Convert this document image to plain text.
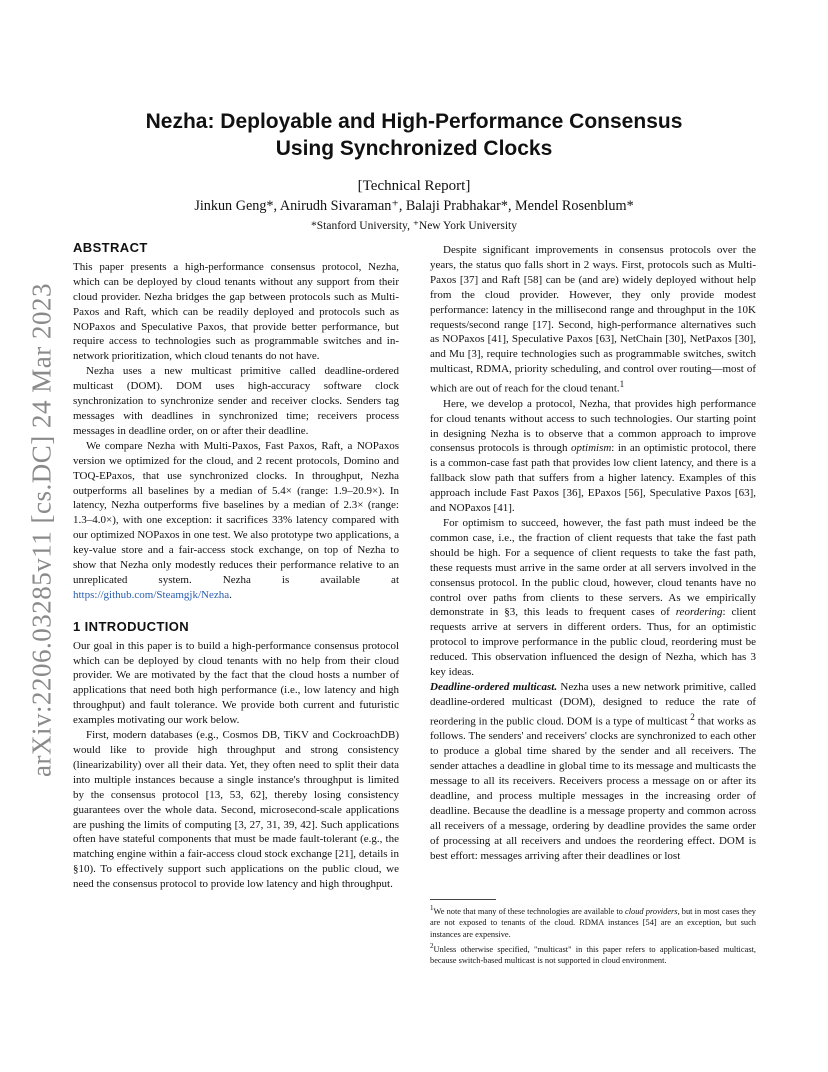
arXiv:2206.03285v11 [cs.DC] 24 Mar 2023
Nezha: Deployable and High-Performance Consensus
Using Synchronized Clocks
[Technical Report]
Jinkun Geng*, Anirudh Sivaraman⁺, Balaji Prabhakar*, Mendel Rosenblum*
*Stanford University, ⁺New York University
ABSTRACT

This paper presents a high-performance consensus protocol, Nezha, which can be deployed by cloud tenants without any support from their cloud provider. Nezha bridges the gap between protocols such as Multi-Paxos and Raft, which can be readily deployed and protocols such as NOPaxos and Speculative Paxos, that provide better performance, but require access to technologies such as programmable switches and in-network prioritization, which cloud tenants do not have.

Nezha uses a new multicast primitive called deadline-ordered multicast (DOM). DOM uses high-accuracy software clock synchronization to synchronize sender and receiver clocks. Senders tag messages with deadlines in synchronized time; receivers process messages in deadline order, on or after their deadline.

We compare Nezha with Multi-Paxos, Fast Paxos, Raft, a NOPaxos version we optimized for the cloud, and 2 recent protocols, Domino and TOQ-EPaxos, that use synchronized clocks. In throughput, Nezha outperforms all baselines by a median of 5.4× (range: 1.9–20.9×). In latency, Nezha outperforms five baselines by a median of 2.3× (range: 1.3–4.0×), with one exception: it sacrifices 33% latency compared with our optimized NOPaxos in one test. We also prototype two applications, a key-value store and a fair-access stock exchange, on top of Nezha to show that Nezha only modestly reduces their performance relative to an unreplicated system. Nezha is available at https://github.com/Steamgjk/Nezha.

1 INTRODUCTION

Our goal in this paper is to build a high-performance consensus protocol which can be deployed by cloud tenants with no help from their cloud provider. We are motivated by the fact that the cloud hosts a number of applications that need both high performance (i.e., low latency and high throughput) and fault tolerance. We provide both current and futuristic examples motivating our work below.

First, modern databases (e.g., Cosmos DB, TiKV and CockroachDB) would like to provide high throughput and strong consistency (linearizability) over all their data. Yet, they often need to split their data into multiple instances because a single instance's throughput is limited by the consensus protocol [13, 53, 62], thereby losing consistency guarantees over the whole data. Second, microsecond-scale applications are pushing the limits of computing [3, 27, 31, 39, 42]. Such applications often have stateful components that must be made fault-tolerant (e.g., the matching engine within a fair-access cloud stock exchange [21], details in §10). To effectively support such applications on the public cloud, we need the consensus protocol to provide low latency and high throughput.

Despite significant improvements in consensus protocols over the years, the status quo falls short in 2 ways. First, protocols such as Multi-Paxos [37] and Raft [58] can be (and are) widely deployed without help from the cloud provider. However, they only provide modest performance: latency in the millisecond range and throughput in the 10K requests/second range [17]. Second, high-performance alternatives such as NOPaxos [41], Speculative Paxos [63], NetChain [30], NetPaxos [30], and Mu [3], require technologies such as programmable switches, switch multicast, RDMA, priority scheduling, and control over routing—most of which are out of reach for the cloud tenant.$^1$

Here, we develop a protocol, Nezha, that provides high performance for cloud tenants without access to such technologies. Our starting point in designing Nezha is to observe that a common approach to improve consensus protocols is through optimism: in an optimistic protocol, there is a common-case fast path that provides low client latency, and there is a fallback slow path that suffers from a higher latency. Examples of this approach include Fast Paxos [36], EPaxos [56], Speculative Paxos [63], and NOPaxos [41].

For optimism to succeed, however, the fast path must indeed be the common case, i.e., the fraction of client requests that take the fast path should be high. For a sequence of client requests to take the fast path, these requests must arrive in the same order at all servers involved in the consensus protocol. In the public cloud, however, cloud tenants have no control over paths from clients to these servers. As we empirically demonstrate in §3, this leads to frequent cases of reordering: client requests arrive at servers in different orders. Thus, for an optimistic protocol to improve performance in the public cloud, reordering must be reduced. This observation influenced the design of Nezha, which has 3 key ideas.

Deadline-ordered multicast. Nezha uses a new network primitive, called deadline-ordered multicast (DOM), designed to reduce the rate of reordering in the public cloud. DOM is a type of multicast $^2$ that works as follows. The senders' and receivers' clocks are synchronized to each other to produce a global time shared by the sender and all receivers. The sender attaches a deadline in global time to its message and multicasts the message to all its receivers. Receivers process a message on or after its deadline, and process multiple messages in the increasing order of deadline. Because the deadline is a message property and common across all receivers of a message, ordering by deadline provides the same order of processing at all receivers and undoes the reordering effect. DOM is best effort: messages arriving after their deadlines or lost

$^1$We note that many of these technologies are available to cloud providers, but in most cases they are not exposed to tenants of the cloud. RDMA instances [54] are an exception, but such instances are expensive.

$^2$Unless otherwise specified, "multicast" in this paper refers to application-based multicast, because switch-based multicast is not supported in cloud environment.
